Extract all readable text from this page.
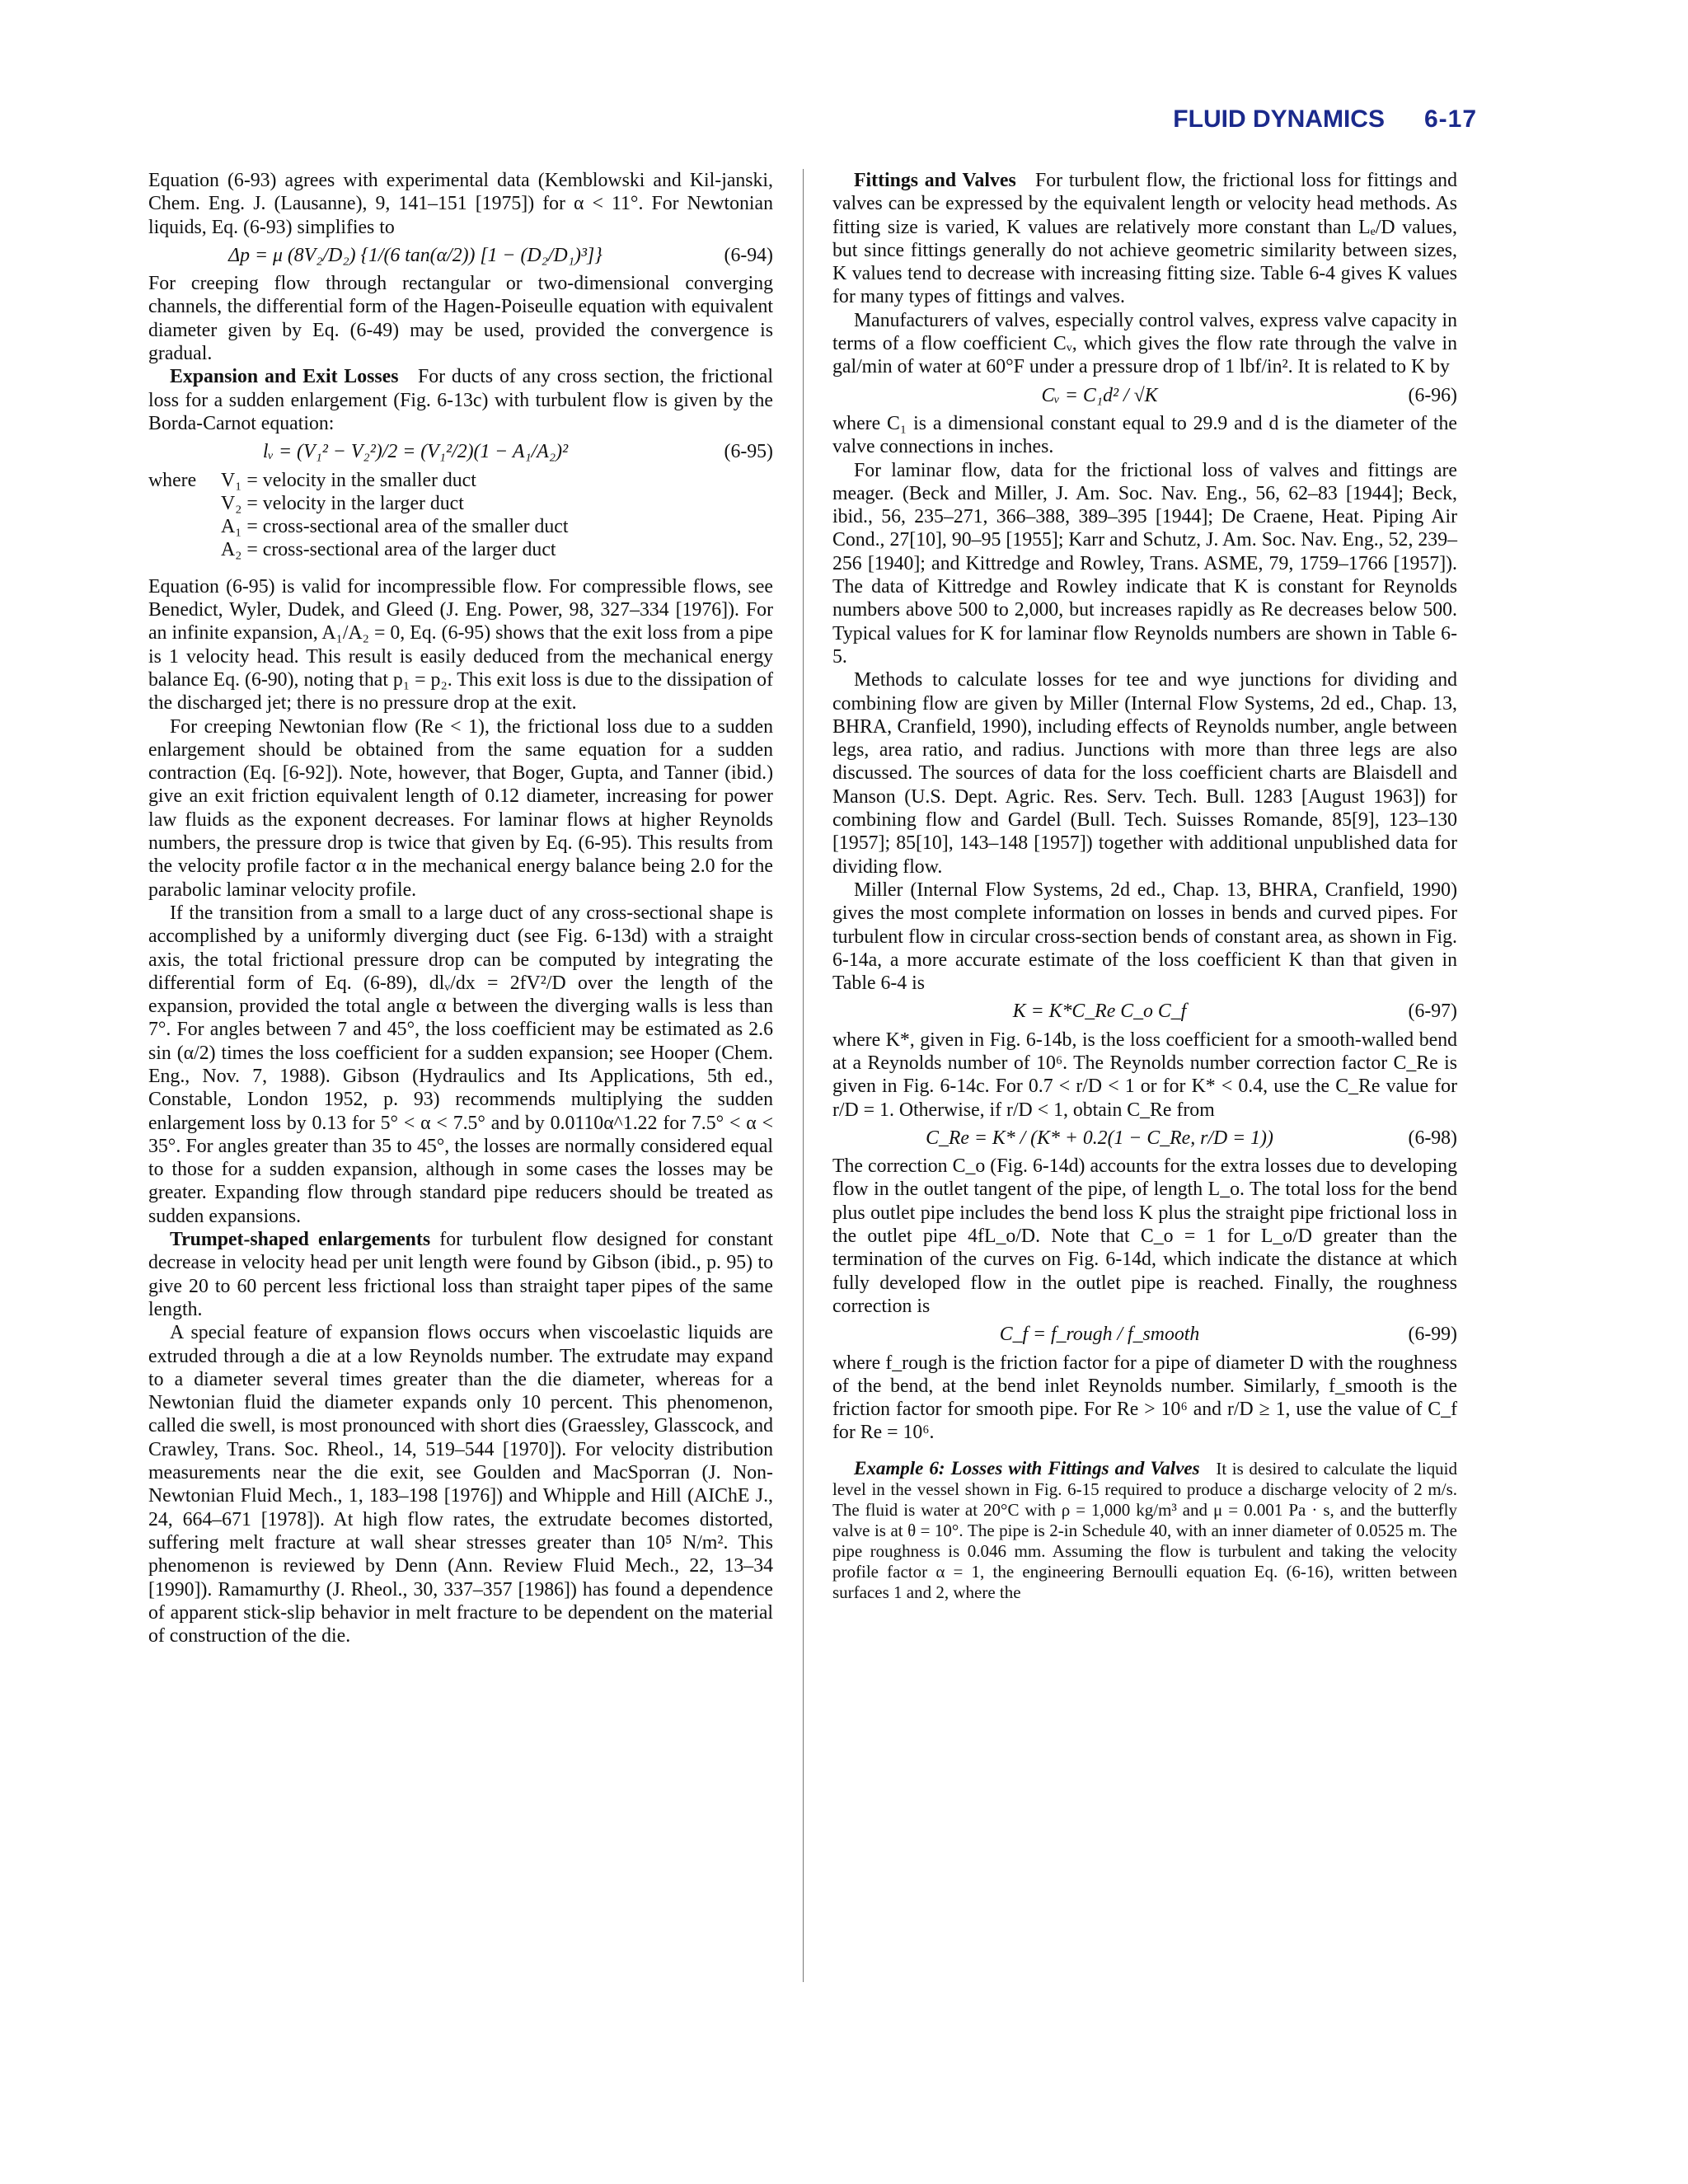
FLUID DYNAMICS 6-17

Equation (6-93) agrees with experimental data (Kemblowski and Kil-janski, Chem. Eng. J. (Lausanne), 9, 141–151 [1975]) for α < 11°. For Newtonian liquids, Eq. (6-93) simplifies to

Δp = μ (8V₂/D₂) {1/(6 tan(α/2)) [1 − (D₂/D₁)³]}	(6-94)

For creeping flow through rectangular or two-dimensional converging channels, the differential form of the Hagen-Poiseulle equation with equivalent diameter given by Eq. (6-49) may be used, provided the convergence is gradual.

Expansion and Exit Losses For ducts of any cross section, the frictional loss for a sudden enlargement (Fig. 6-13c) with turbulent flow is given by the Borda-Carnot equation:

lᵥ = (V₁² − V₂²)/2 = (V₁²/2)(1 − A₁/A₂)²	(6-95)
where	V₁ = velocity in the smaller duct
V₂ = velocity in the larger duct
A₁ = cross-sectional area of the smaller duct
A₂ = cross-sectional area of the larger duct

Equation (6-95) is valid for incompressible flow. For compressible flows, see Benedict, Wyler, Dudek, and Gleed (J. Eng. Power, 98, 327–334 [1976]). For an infinite expansion, A₁/A₂ = 0, Eq. (6-95) shows that the exit loss from a pipe is 1 velocity head. This result is easily deduced from the mechanical energy balance Eq. (6-90), noting that p₁ = p₂. This exit loss is due to the dissipation of the discharged jet; there is no pressure drop at the exit.

For creeping Newtonian flow (Re < 1), the frictional loss due to a sudden enlargement should be obtained from the same equation for a sudden contraction (Eq. [6-92]). Note, however, that Boger, Gupta, and Tanner (ibid.) give an exit friction equivalent length of 0.12 diameter, increasing for power law fluids as the exponent decreases. For laminar flows at higher Reynolds numbers, the pressure drop is twice that given by Eq. (6-95). This results from the velocity profile factor α in the mechanical energy balance being 2.0 for the parabolic laminar velocity profile.

If the transition from a small to a large duct of any cross-sectional shape is accomplished by a uniformly diverging duct (see Fig. 6-13d) with a straight axis, the total frictional pressure drop can be computed by integrating the differential form of Eq. (6-89), dlᵥ/dx = 2fV²/D over the length of the expansion, provided the total angle α between the diverging walls is less than 7°. For angles between 7 and 45°, the loss coefficient may be estimated as 2.6 sin (α/2) times the loss coefficient for a sudden expansion; see Hooper (Chem. Eng., Nov. 7, 1988). Gibson (Hydraulics and Its Applications, 5th ed., Constable, London 1952, p. 93) recommends multiplying the sudden enlargement loss by 0.13 for 5° < α < 7.5° and by 0.0110α^1.22 for 7.5° < α < 35°. For angles greater than 35 to 45°, the losses are normally considered equal to those for a sudden expansion, although in some cases the losses may be greater. Expanding flow through standard pipe reducers should be treated as sudden expansions.

Trumpet-shaped enlargements for turbulent flow designed for constant decrease in velocity head per unit length were found by Gibson (ibid., p. 95) to give 20 to 60 percent less frictional loss than straight taper pipes of the same length.

A special feature of expansion flows occurs when viscoelastic liquids are extruded through a die at a low Reynolds number. The extrudate may expand to a diameter several times greater than the die diameter, whereas for a Newtonian fluid the diameter expands only 10 percent. This phenomenon, called die swell, is most pronounced with short dies (Graessley, Glasscock, and Crawley, Trans. Soc. Rheol., 14, 519–544 [1970]). For velocity distribution measurements near the die exit, see Goulden and MacSporran (J. Non-Newtonian Fluid Mech., 1, 183–198 [1976]) and Whipple and Hill (AIChE J., 24, 664–671 [1978]). At high flow rates, the extrudate becomes distorted, suffering melt fracture at wall shear stresses greater than 10⁵ N/m². This phenomenon is reviewed by Denn (Ann. Review Fluid Mech., 22, 13–34 [1990]). Ramamurthy (J. Rheol., 30, 337–357 [1986]) has found a dependence of apparent stick-slip behavior in melt fracture to be dependent on the material of construction of the die.

Fittings and Valves For turbulent flow, the frictional loss for fittings and valves can be expressed by the equivalent length or velocity head methods. As fitting size is varied, K values are relatively more constant than Lₑ/D values, but since fittings generally do not achieve geometric similarity between sizes, K values tend to decrease with increasing fitting size. Table 6-4 gives K values for many types of fittings and valves.

Manufacturers of valves, especially control valves, express valve capacity in terms of a flow coefficient Cᵥ, which gives the flow rate through the valve in gal/min of water at 60°F under a pressure drop of 1 lbf/in². It is related to K by

Cᵥ = C₁d² / √K	(6-96)

where C₁ is a dimensional constant equal to 29.9 and d is the diameter of the valve connections in inches.

For laminar flow, data for the frictional loss of valves and fittings are meager. (Beck and Miller, J. Am. Soc. Nav. Eng., 56, 62–83 [1944]; Beck, ibid., 56, 235–271, 366–388, 389–395 [1944]; De Craene, Heat. Piping Air Cond., 27[10], 90–95 [1955]; Karr and Schutz, J. Am. Soc. Nav. Eng., 52, 239–256 [1940]; and Kittredge and Rowley, Trans. ASME, 79, 1759–1766 [1957]). The data of Kittredge and Rowley indicate that K is constant for Reynolds numbers above 500 to 2,000, but increases rapidly as Re decreases below 500. Typical values for K for laminar flow Reynolds numbers are shown in Table 6-5.

Methods to calculate losses for tee and wye junctions for dividing and combining flow are given by Miller (Internal Flow Systems, 2d ed., Chap. 13, BHRA, Cranfield, 1990), including effects of Reynolds number, angle between legs, area ratio, and radius. Junctions with more than three legs are also discussed. The sources of data for the loss coefficient charts are Blaisdell and Manson (U.S. Dept. Agric. Res. Serv. Tech. Bull. 1283 [August 1963]) for combining flow and Gardel (Bull. Tech. Suisses Romande, 85[9], 123–130 [1957]; 85[10], 143–148 [1957]) together with additional unpublished data for dividing flow.

Miller (Internal Flow Systems, 2d ed., Chap. 13, BHRA, Cranfield, 1990) gives the most complete information on losses in bends and curved pipes. For turbulent flow in circular cross-section bends of constant area, as shown in Fig. 6-14a, a more accurate estimate of the loss coefficient K than that given in Table 6-4 is

K = K*C_Re C_o C_f	(6-97)

where K*, given in Fig. 6-14b, is the loss coefficient for a smooth-walled bend at a Reynolds number of 10⁶. The Reynolds number correction factor C_Re is given in Fig. 6-14c. For 0.7 < r/D < 1 or for K* < 0.4, use the C_Re value for r/D = 1. Otherwise, if r/D < 1, obtain C_Re from

C_Re = K* / (K* + 0.2(1 − C_Re, r/D = 1))	(6-98)

The correction C_o (Fig. 6-14d) accounts for the extra losses due to developing flow in the outlet tangent of the pipe, of length L_o. The total loss for the bend plus outlet pipe includes the bend loss K plus the straight pipe frictional loss in the outlet pipe 4fL_o/D. Note that C_o = 1 for L_o/D greater than the termination of the curves on Fig. 6-14d, which indicate the distance at which fully developed flow in the outlet pipe is reached. Finally, the roughness correction is

C_f = f_rough / f_smooth	(6-99)

where f_rough is the friction factor for a pipe of diameter D with the roughness of the bend, at the bend inlet Reynolds number. Similarly, f_smooth is the friction factor for smooth pipe. For Re > 10⁶ and r/D ≥ 1, use the value of C_f for Re = 10⁶.

Example 6: Losses with Fittings and Valves It is desired to calculate the liquid level in the vessel shown in Fig. 6-15 required to produce a discharge velocity of 2 m/s. The fluid is water at 20°C with ρ = 1,000 kg/m³ and μ = 0.001 Pa · s, and the butterfly valve is at θ = 10°. The pipe is 2-in Schedule 40, with an inner diameter of 0.0525 m. The pipe roughness is 0.046 mm. Assuming the flow is turbulent and taking the velocity profile factor α = 1, the engineering Bernoulli equation Eq. (6-16), written between surfaces 1 and 2, where the
